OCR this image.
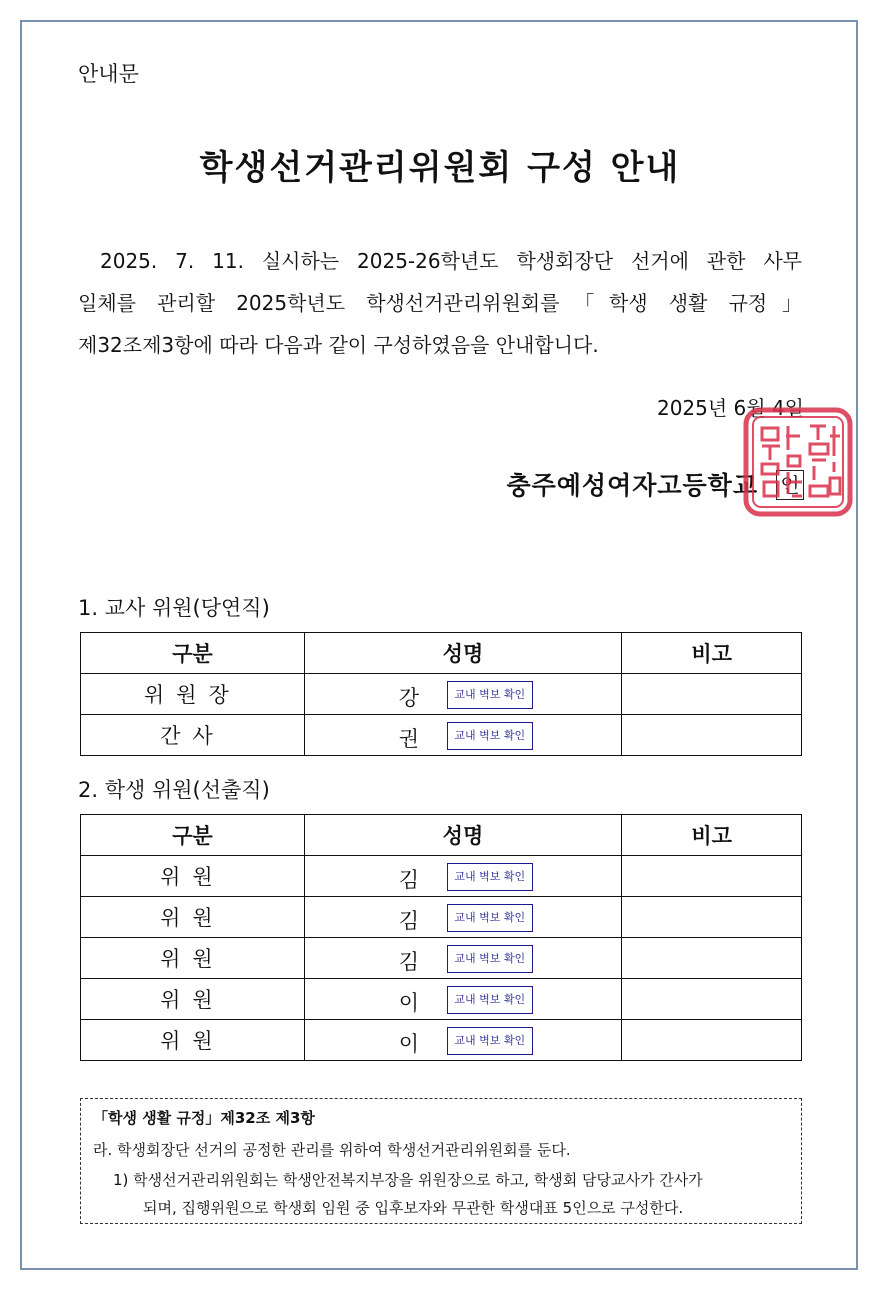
안내문
학생선거관리위원회 구성 안내

2025. 7. 11. 실시하는 2025-26학년도 학생회장단 선거에 관한 사무
일체를 관리할 2025학년도 학생선거관리위원회를「학생 생활 규정」
제32조제3항에 따라 다음과 같이 구성하였음을 안내합니다.

2025년 6월 4일
충주예성여자고등학교 인
1. 교사 위원(당연직)
구분	성명	비고
위원장	강 교내 벽보 확인	

간사	권 교내 벽보 확인	

2. 학생 위원(선출직)
구분	성명	비고
위원	김 교내 벽보 확인	

위원	김 교내 벽보 확인	

위원	김 교내 벽보 확인	

위원	이 교내 벽보 확인	

위원	이 교내 벽보 확인	

「학생 생활 규정」제32조 제3항
라. 학생회장단 선거의 공정한 관리를 위하여 학생선거관리위원회를 둔다.
1) 학생선거관리위원회는 학생안전복지부장을 위원장으로 하고, 학생회 담당교사가 간사가
되며, 집행위원으로 학생회 임원 중 입후보자와 무관한 학생대표 5인으로 구성한다.
